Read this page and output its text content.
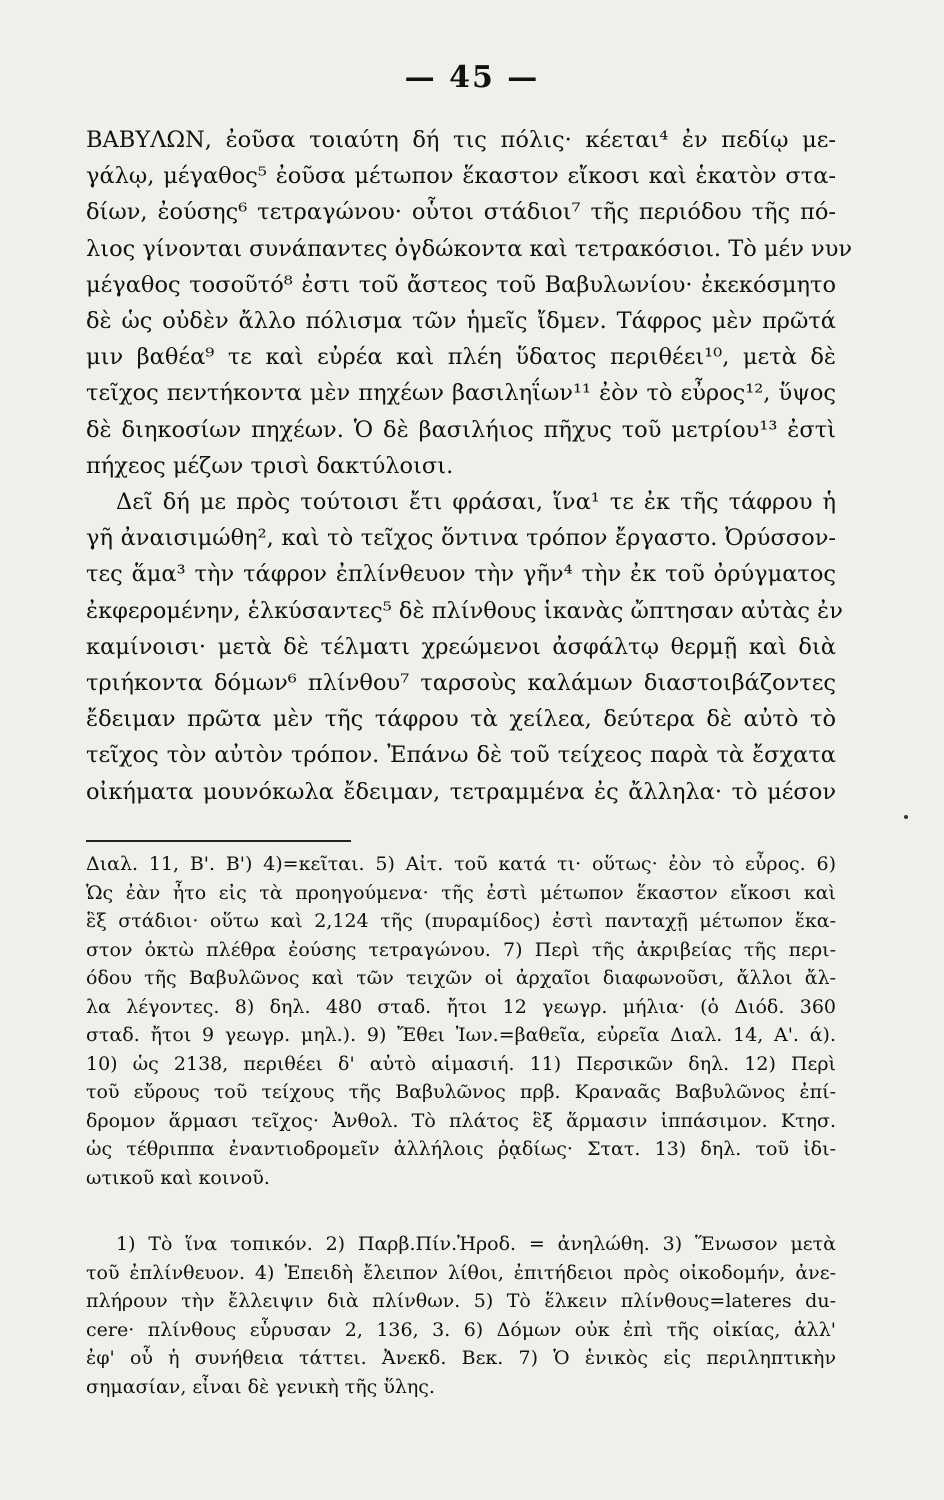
— 45 —
ΒΑΒΥΛΩΝ, ἐοῦσα τοιαύτη δή τις πόλις· κέεται⁴ ἐν πεδίῳ με-
γάλῳ, μέγαθος⁵ ἐοῦσα μέτωπον ἕκαστον εἴκοσι καὶ ἑκατὸν στα-
δίων, ἐούσης⁶ τετραγώνου· οὗτοι στάδιοι⁷ τῆς περιόδου τῆς πό-
λιος γίνονται συνάπαντες ὀγδώκοντα καὶ τετρακόσιοι. Τὸ μέν νυν
μέγαθος τοσοῦτό⁸ ἐστι τοῦ ἄστεος τοῦ Βαβυλωνίου· ἐκεκόσμητο
δὲ ὡς οὐδὲν ἄλλο πόλισμα τῶν ἡμεῖς ἴδμεν. Τάφρος μὲν πρῶτά
μιν βαθέα⁹ τε καὶ εὐρέα καὶ πλέη ὕδατος περιθέει¹⁰, μετὰ δὲ
τεῖχος πεντήκοντα μὲν πηχέων βασιληΐων¹¹ ἐὸν τὸ εὖρος¹², ὕψος
δὲ διηκοσίων πηχέων. Ὁ δὲ βασιλήιος πῆχυς τοῦ μετρίου¹³ ἐστὶ
πήχεος μέζων τρισὶ δακτύλοισι.
Δεῖ δή με πρὸς τούτοισι ἔτι φράσαι, ἵνα¹ τε ἐκ τῆς τάφρου ἡ
γῆ ἀναισιμώθη², καὶ τὸ τεῖχος ὅντινα τρόπον ἔργαστο. Ὀρύσσον-
τες ἅμα³ τὴν τάφρον ἐπλίνθευον τὴν γῆν⁴ τὴν ἐκ τοῦ ὀρύγματος
ἐκφερομένην, ἑλκύσαντες⁵ δὲ πλίνθους ἱκανὰς ὤπτησαν αὐτὰς ἐν
καμίνοισι· μετὰ δὲ τέλματι χρεώμενοι ἀσφάλτῳ θερμῇ καὶ διὰ
τριήκοντα δόμων⁶ πλίνθου⁷ ταρσοὺς καλάμων διαστοιβάζοντες
ἔδειμαν πρῶτα μὲν τῆς τάφρου τὰ χείλεα, δεύτερα δὲ αὐτὸ τὸ
τεῖχος τὸν αὐτὸν τρόπον. Ἐπάνω δὲ τοῦ τείχεος παρὰ τὰ ἔσχατα
οἰκήματα μουνόκωλα ἔδειμαν, τετραμμένα ἐς ἄλληλα· τὸ μέσον
Διαλ. 11, Β'. Β') 4)=κεῖται. 5) Αἰτ. τοῦ κατά τι· οὕτως· ἐὸν τὸ εὖρος. 6)
Ὡς ἐὰν ἦτο εἰς τὰ προηγούμενα· τῆς ἐστὶ μέτωπον ἕκαστον εἴκοσι καὶ
ἓξ στάδιοι· οὕτω καὶ 2,124 τῆς (πυραμίδος) ἐστὶ πανταχῇ μέτωπον ἕκα-
στον ὀκτὼ πλέθρα ἐούσης τετραγώνου. 7) Περὶ τῆς ἀκριβείας τῆς περι-
όδου τῆς Βαβυλῶνος καὶ τῶν τειχῶν οἱ ἀρχαῖοι διαφωνοῦσι, ἄλλοι ἄλ-
λα λέγοντες. 8) δηλ. 480 σταδ. ἤτοι 12 γεωγρ. μήλια· (ὁ Διόδ. 360
σταδ. ἤτοι 9 γεωγρ. μηλ.). 9) Ἔθει Ἰων.=βαθεῖα, εὐρεῖα Διαλ. 14, Α'. ά).
10) ὡς 2138, περιθέει δ' αὐτὸ αἱμασιή. 11) Περσικῶν δηλ. 12) Περὶ
τοῦ εὔρους τοῦ τείχους τῆς Βαβυλῶνος πρβ. Κραναᾶς Βαβυλῶνος ἐπί-
δρομον ἅρμασι τεῖχος· Ἀνθολ. Τὸ πλάτος ἓξ ἅρμασιν ἱππάσιμον. Κτησ.
ὡς τέθριππα ἐναντιοδρομεῖν ἀλλήλοις ῥᾳδίως· Στατ. 13) δηλ. τοῦ ἰδι-
ωτικοῦ καὶ κοινοῦ.
1) Τὸ ἵνα τοπικόν. 2) Παρβ.Πίν.Ἡροδ. = ἀνηλώθη. 3) Ἕνωσον μετὰ
τοῦ ἐπλίνθευον. 4) Ἐπειδὴ ἔλειπον λίθοι, ἐπιτήδειοι πρὸς οἰκοδομήν, ἀνε-
πλήρουν τὴν ἔλλειψιν διὰ πλίνθων. 5) Τὸ ἕλκειν πλίνθους=lateres du-
cere· πλίνθους εὗρυσαν 2, 136, 3. 6) Δόμων οὐκ ἐπὶ τῆς οἰκίας, ἀλλ'
ἐφ' οὗ ἡ συνήθεια τάττει. Ἀνεκδ. Βεκ. 7) Ὁ ἑνικὸς εἰς περιληπτικὴν
σημασίαν, εἶναι δὲ γενικὴ τῆς ὕλης.
